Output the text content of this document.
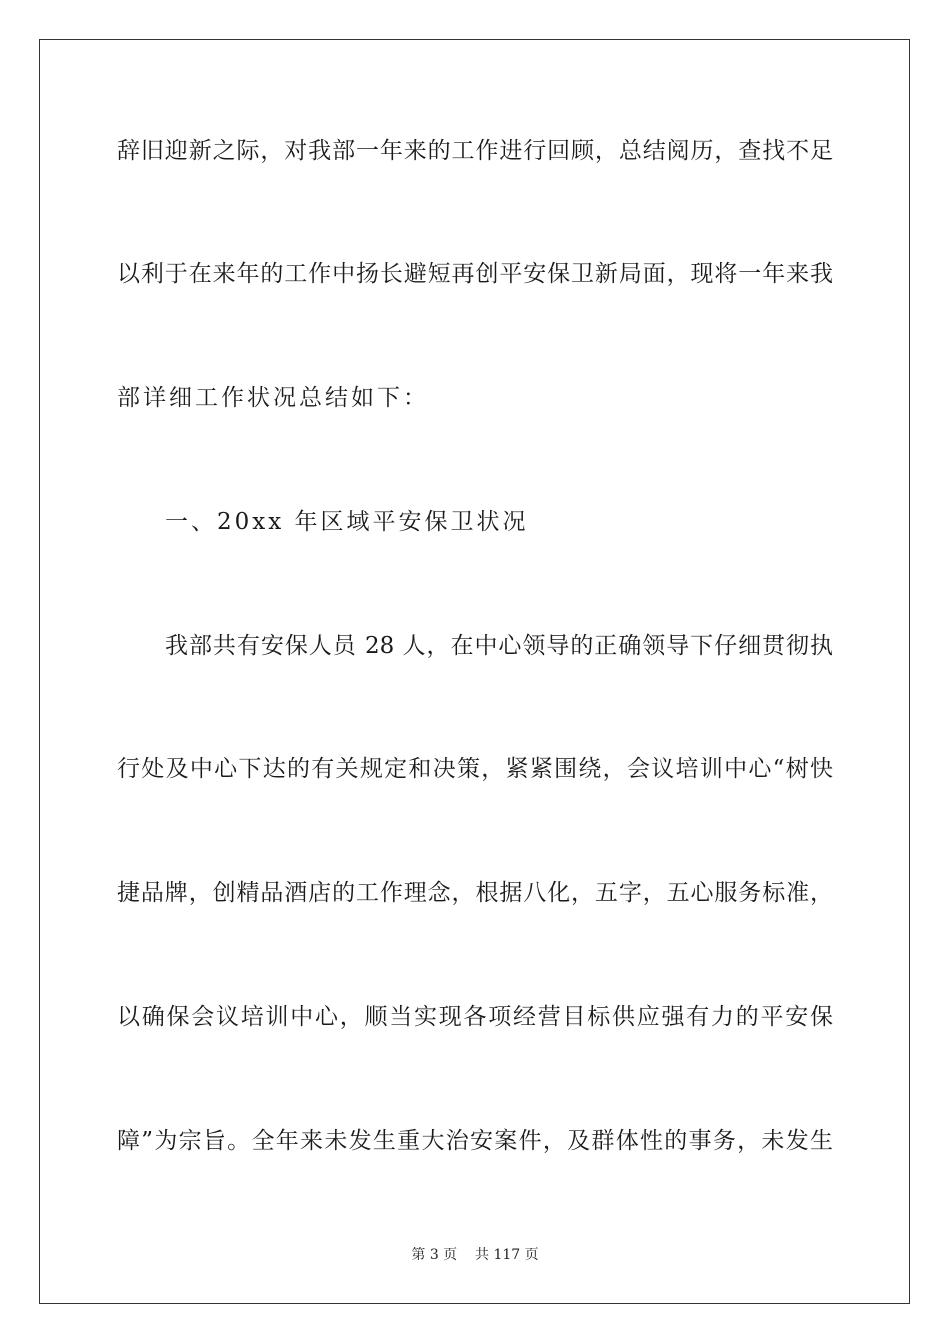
辞旧迎新之际，对我部一年来的工作进行回顾，总结阅历，查找不足
以利于在来年的工作中扬长避短再创平安保卫新局面，现将一年来我
部详细工作状况总结如下：
一、20xx 年区域平安保卫状况
我部共有安保人员 28 人，在中心领导的正确领导下仔细贯彻执
行处及中心下达的有关规定和决策，紧紧围绕，会议培训中心“树快
捷品牌，创精品酒店的工作理念，根据八化，五字，五心服务标准，
以确保会议培训中心，顺当实现各项经营目标供应强有力的平安保
障”为宗旨。全年来未发生重大治安案件，及群体性的事务，未发生
第 3 页 共 117 页
